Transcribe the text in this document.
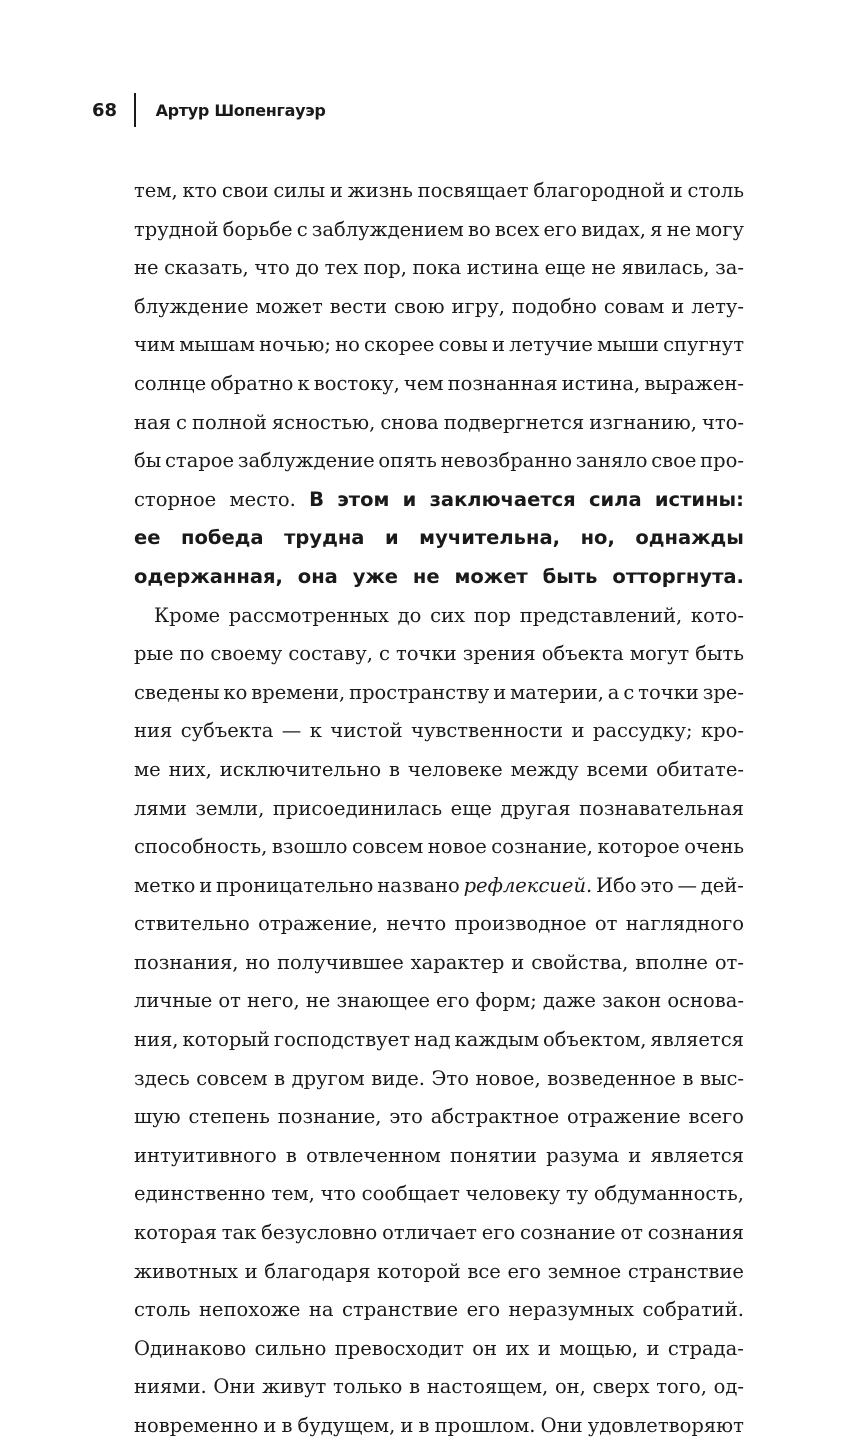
68 Артур Шопенгауэр
тем, кто свои силы и жизнь посвящает благородной и столь
трудной борьбе с заблуждением во всех его видах, я не могу
не сказать, что до тех пор, пока истина еще не явилась, за-
блуждение может вести свою игру, подобно совам и лету-
чим мышам ночью; но скорее совы и летучие мыши спугнут
солнце обратно к востоку, чем познанная истина, выражен-
ная с полной ясностью, снова подвергнется изгнанию, что-
бы старое заблуждение опять невозбранно заняло свое про-
сторное место. В этом и заключается сила истины:
ее победа трудна и мучительна, но, однажды
одержанная, она уже не может быть отторгнута.
Кроме рассмотренных до сих пор представлений, кото-
рые по своему составу, с точки зрения объекта могут быть
сведены ко времени, пространству и материи, а с точки зре-
ния субъекта — к чистой чувственности и рассудку; кро-
ме них, исключительно в человеке между всеми обитате-
лями земли, присоединилась еще другая познавательная
способность, взошло совсем новое сознание, которое очень
метко и проницательно названо рефлексией. Ибо это — дей-
ствительно отражение, нечто производное от наглядного
познания, но получившее характер и свойства, вполне от-
личные от него, не знающее его форм; даже закон основа-
ния, который господствует над каждым объектом, является
здесь совсем в другом виде. Это новое, возведенное в выс-
шую степень познание, это абстрактное отражение всего
интуитивного в отвлеченном понятии разума и является
единственно тем, что сообщает человеку ту обдуманность,
которая так безусловно отличает его сознание от сознания
животных и благодаря которой все его земное странствие
столь непохоже на странствие его неразумных собратий.
Одинаково сильно превосходит он их и мощью, и страда-
ниями. Они живут только в настоящем, он, сверх того, од-
новременно и в будущем, и в прошлом. Они удовлетворяют
